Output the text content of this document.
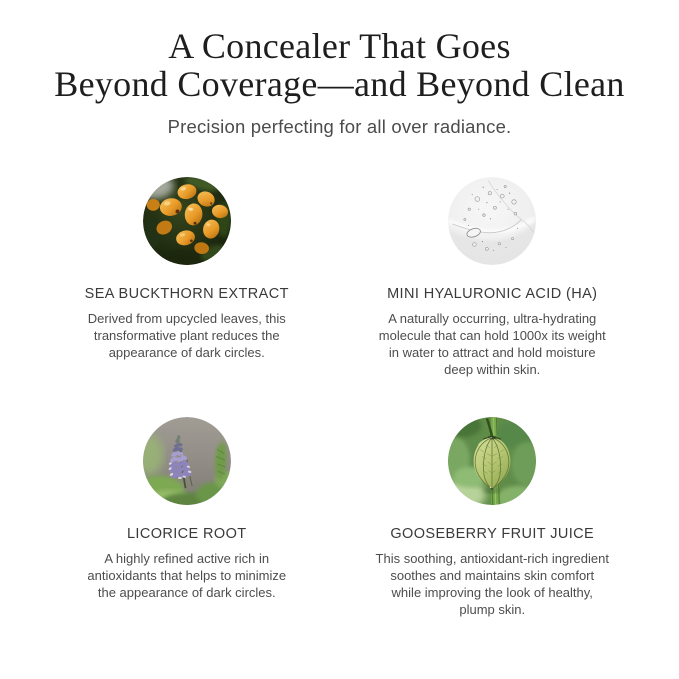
A Concealer That Goes
Beyond Coverage—and Beyond Clean
Precision perfecting for all over radiance.
SEA BUCKTHORN EXTRACT
Derived from upcycled leaves, this
transformative plant reduces the
appearance of dark circles.
MINI HYALURONIC ACID (HA)
A naturally occurring, ultra-hydrating
molecule that can hold 1000x its weight
in water to attract and hold moisture
deep within skin.
LICORICE ROOT
A highly refined active rich in
antioxidants that helps to minimize
the appearance of dark circles.
GOOSEBERRY FRUIT JUICE
This soothing, antioxidant-rich ingredient
soothes and maintains skin comfort
while improving the look of healthy,
plump skin.
